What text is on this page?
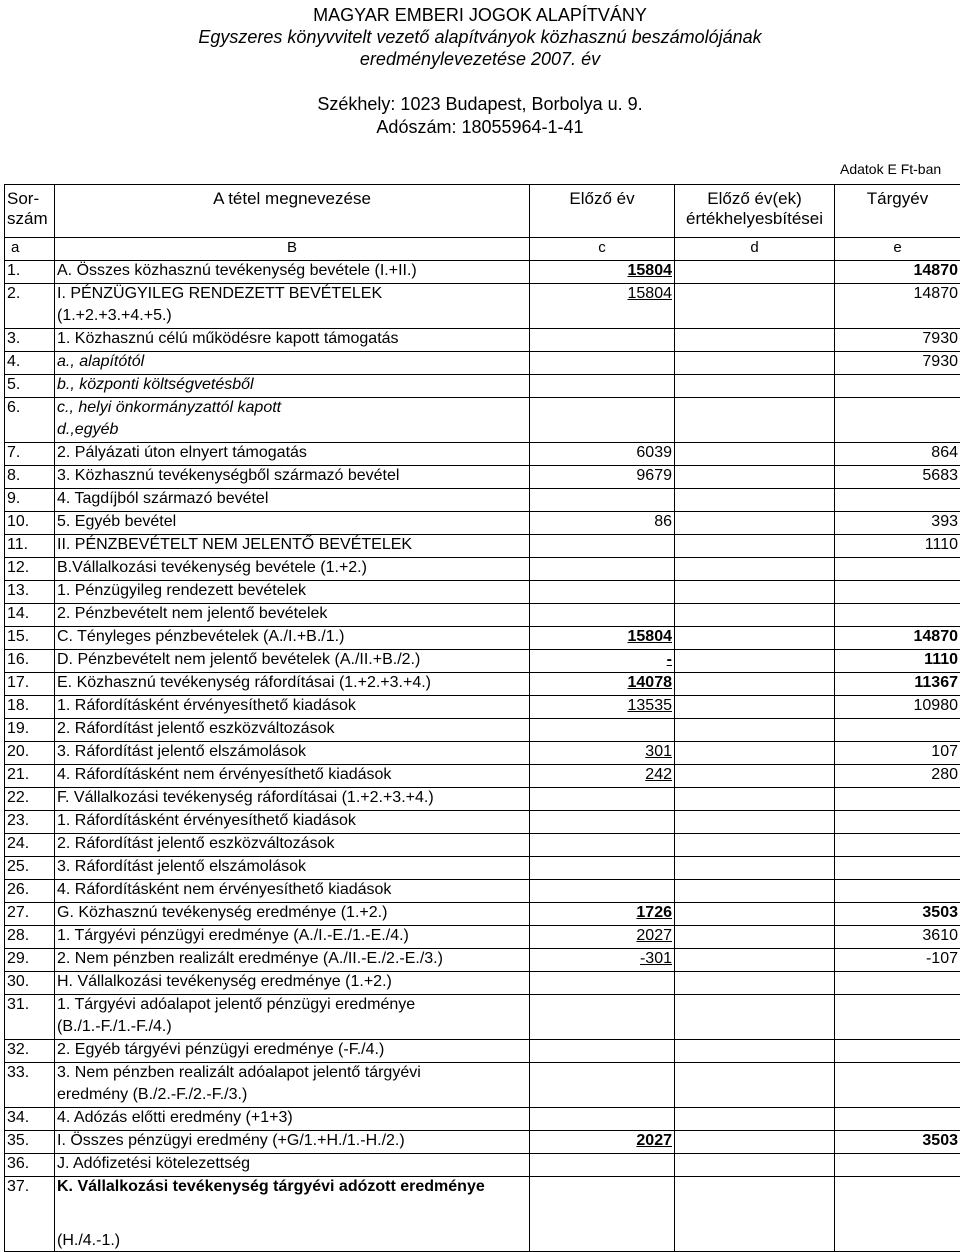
MAGYAR EMBERI JOGOK ALAPÍTVÁNY
Egyszeres könyvvitelt vezető alapítványok közhasznú beszámolójának
eredménylevezetése 2007. év
Székhely: 1023 Budapest, Borbolya u. 9.
Adószám: 18055964-1-41
Adatok E Ft-ban
Sor-
szám	A tétel megnevezése	Előző év	Előző év(ek)
értékhelyesbítései	Tárgyév
a	B	c	d	e
1.	A. Összes közhasznú tevékenység bevétele (I.+II.)	15804		14870
2.	I. PÉNZÜGYILEG RENDEZETT BEVÉTELEK	15804		14870
	(1.+2.+3.+4.+5.)			
3.	1. Közhasznú célú működésre kapott támogatás			7930
4.	a., alapítótól			7930
5.	b., központi költségvetésből			
6.	c., helyi önkormányzattól kapott			
	d.,egyéb			
7.	2. Pályázati úton elnyert támogatás	6039		864
8.	3. Közhasznú tevékenységből származó bevétel	9679		5683
9.	4. Tagdíjból származó bevétel			
10.	5. Egyéb bevétel	86		393
11.	II. PÉNZBEVÉTELT NEM JELENTŐ BEVÉTELEK			1110
12.	B.Vállalkozási tevékenység bevétele (1.+2.)			
13.	1. Pénzügyileg rendezett bevételek			
14.	2. Pénzbevételt nem jelentő bevételek			
15.	C. Tényleges pénzbevételek (A./I.+B./1.)	15804		14870
16.	D. Pénzbevételt nem jelentő bevételek (A./II.+B./2.)	-		1110
17.	E. Közhasznú tevékenység ráfordításai (1.+2.+3.+4.)	14078		11367
18.	1. Ráfordításként érvényesíthető kiadások	13535		10980
19.	2. Ráfordítást jelentő eszközváltozások			
20.	3. Ráfordítást jelentő elszámolások	301		107
21.	4. Ráfordításként nem érvényesíthető kiadások	242		280
22.	F. Vállalkozási tevékenység ráfordításai (1.+2.+3.+4.)			
23.	1. Ráfordításként érvényesíthető kiadások			
24.	2. Ráfordítást jelentő eszközváltozások			
25.	3. Ráfordítást jelentő elszámolások			
26.	4. Ráfordításként nem érvényesíthető kiadások			
27.	G. Közhasznú tevékenység eredménye (1.+2.)	1726		3503
28.	1. Tárgyévi pénzügyi eredménye (A./I.-E./1.-E./4.)	2027		3610
29.	2. Nem pénzben realizált eredménye (A./II.-E./2.-E./3.)	-301		-107
30.	H. Vállalkozási tevékenység eredménye (1.+2.)			
31.	1. Tárgyévi adóalapot jelentő pénzügyi eredménye			
	(B./1.-F./1.-F./4.)			
32.	2. Egyéb tárgyévi pénzügyi eredménye (-F./4.)			
33.	3. Nem pénzben realizált adóalapot jelentő tárgyévi			
	eredmény (B./2.-F./2.-F./3.)			
34.	4. Adózás előtti eredmény (+1+3)			
35.	I. Összes pénzügyi eredmény (+G/1.+H./1.-H./2.)	2027		3503
36.	J. Adófizetési kötelezettség			
37.	K. Vállalkozási tevékenység tárgyévi adózott eredménye			
	(H./4.-1.)			
